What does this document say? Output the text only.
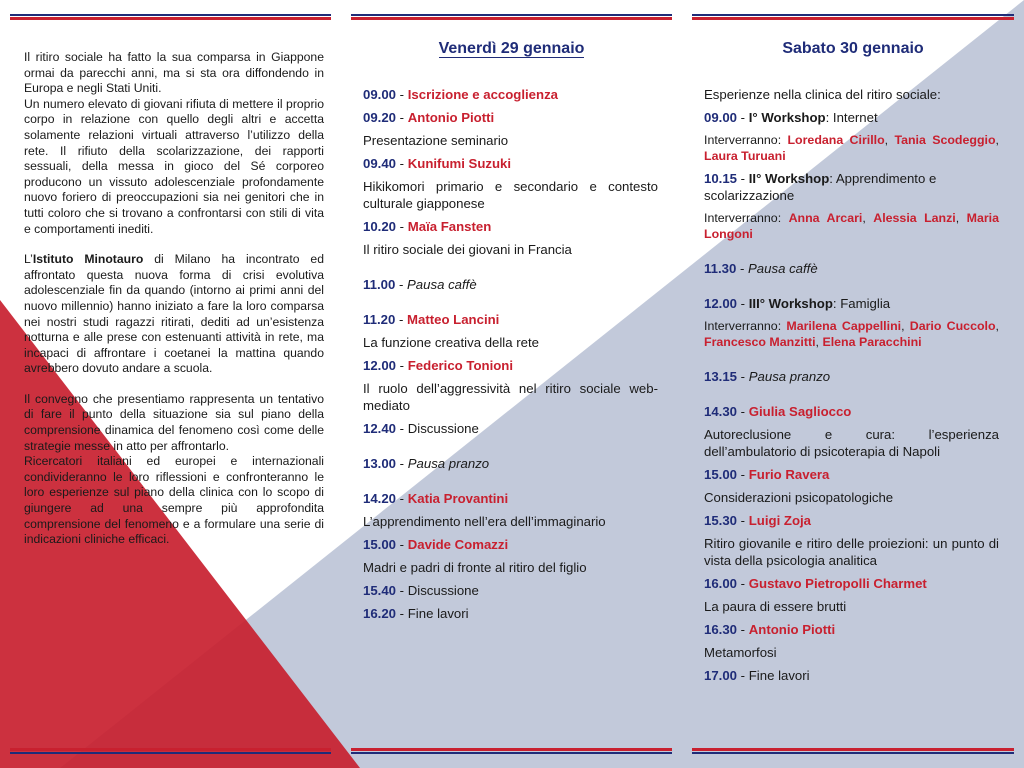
Il ritiro sociale ha fatto la sua comparsa in Giappone ormai da parecchi anni, ma si sta ora diffondendo in Europa e negli Stati Uniti.

Un numero elevato di giovani rifiuta di mettere il proprio corpo in relazione con quello degli altri e accetta solamente relazioni virtuali attraverso l’utilizzo della rete. Il rifiuto della scolarizzazione, dei rapporti sessuali, della messa in gioco del Sé corporeo producono un vissuto adolescenziale profondamente nuovo foriero di preoccupazioni sia nei genitori che in tutti coloro che si trovano a confrontarsi con stili di vita e comportamenti inediti.

L’Istituto Minotauro di Milano ha incontrato ed affrontato questa nuova forma di crisi evolutiva adolescenziale fin da quando (intorno ai primi anni del nuovo millennio) hanno iniziato a fare la loro comparsa nei nostri studi ragazzi ritirati, dediti ad un’esistenza notturna e alle prese con estenuanti attività in rete, ma incapaci di affrontare i coetanei la mattina quando avrebbero dovuto andare a scuola.

Il convegno che presentiamo rappresenta un tentativo di fare il punto della situazione sia sul piano della comprensione dinamica del fenomeno così come delle strategie messe in atto per affrontarlo.

Ricercatori italiani ed europei e internazionali condivideranno le loro riflessioni e confronteranno le loro esperienze sul piano della clinica con lo scopo di giungere ad una sempre più approfondita comprensione del fenomeno e a formulare una serie di indicazioni cliniche efficaci.

Venerdì 29 gennaio
09.00 - Iscrizione e accoglienza
09.20 - Antonio Piotti
Presentazione seminario
09.40 - Kunifumi Suzuki
Hikikomori primario e secondario e contesto culturale giapponese
10.20 - Maïa Fansten
Il ritiro sociale dei giovani in Francia
11.00 - Pausa caffè
11.20 - Matteo Lancini
La funzione creativa della rete
12.00 - Federico Tonioni
Il ruolo dell’aggressività nel ritiro sociale web-mediato
12.40 - Discussione
13.00 - Pausa pranzo
14.20 - Katia Provantini
L’apprendimento nell’era dell’immaginario
15.00 - Davide Comazzi
Madri e padri di fronte al ritiro del figlio
15.40 - Discussione
16.20 - Fine lavori
Sabato 30 gennaio
Esperienze nella clinica del ritiro sociale:
09.00 - I° Workshop: Internet
Interverranno: Loredana Cirillo, Tania Scodeggio, Laura Turuani
10.15 - II° Workshop: Apprendimento e scolarizzazione
Interverranno: Anna Arcari, Alessia Lanzi, Maria Longoni
11.30 - Pausa caffè
12.00 - III° Workshop: Famiglia
Interverranno: Marilena Cappellini, Dario Cuccolo, Francesco Manzitti, Elena Paracchini
13.15 - Pausa pranzo
14.30 - Giulia Sagliocco
Autoreclusione e cura: l’esperienza dell’ambulatorio di psicoterapia di Napoli
15.00 - Furio Ravera
Considerazioni psicopatologiche
15.30 - Luigi Zoja
Ritiro giovanile e ritiro delle proiezioni: un punto di vista della psicologia analitica
16.00 - Gustavo Pietropolli Charmet
La paura di essere brutti
16.30 - Antonio Piotti
Metamorfosi
17.00 - Fine lavori
